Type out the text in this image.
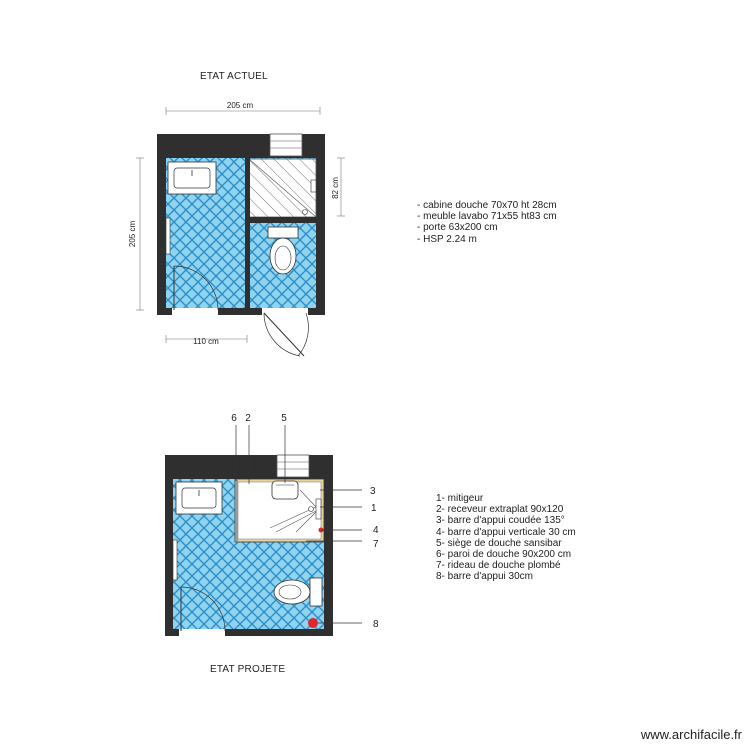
205 cm
205 cm
82 cm
110 cm
6 2	5
3
1
4
7
8
ETAT ACTUEL
ETAT PROJETE
- cabine douche 70x70 ht 28cm
- meuble lavabo 71x55 ht83 cm
- porte 63x200 cm
- HSP 2.24 m
1- mitigeur
2- receveur extraplat 90x120
3- barre d'appui coudée 135°
4- barre d'appui verticale 30 cm
5- siège de douche sansibar
6- paroi de douche 90x200 cm
7- rideau de douche plombé
8- barre d'appui 30cm
www.archifacile.fr
